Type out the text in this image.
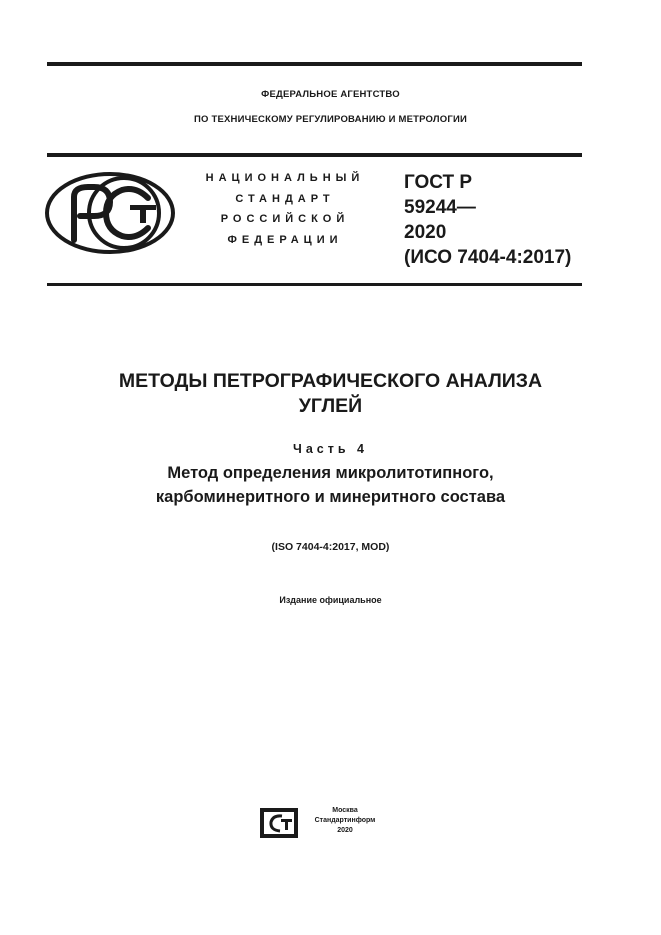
ФЕДЕРАЛЬНОЕ АГЕНТСТВО
ПО ТЕХНИЧЕСКОМУ РЕГУЛИРОВАНИЮ И МЕТРОЛОГИИ
НАЦИОНАЛЬНЫЙ
СТАНДАРТ
РОССИЙСКОЙ
ФЕДЕРАЦИИ
ГОСТ Р
59244—
2020
(ИСО 7404-4:2017)
МЕТОДЫ ПЕТРОГРАФИЧЕСКОГО АНАЛИЗА
УГЛЕЙ
Часть 4
Метод определения микролитотипного,
карбоминеритного и минеритного состава
(ISO 7404-4:2017, MOD)
Издание официальное
Москва
Стандартинформ
2020
